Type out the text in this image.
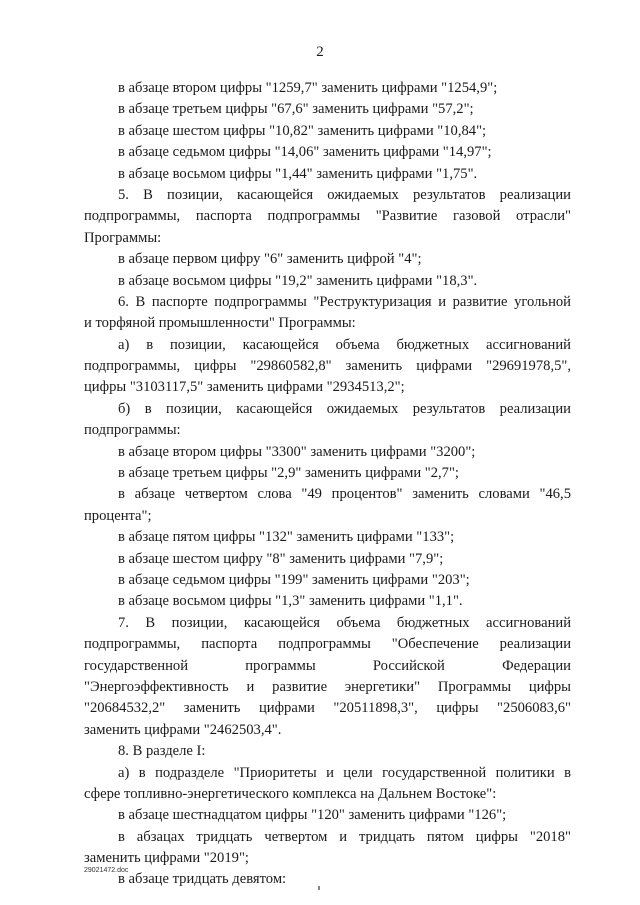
2
в абзаце втором цифры "1259,7" заменить цифрами "1254,9";
в абзаце третьем цифры "67,6" заменить цифрами "57,2";
в абзаце шестом цифры "10,82" заменить цифрами "10,84";
в абзаце седьмом цифры "14,06" заменить цифрами "14,97";
в абзаце восьмом цифры "1,44" заменить цифрами "1,75".
5. В позиции, касающейся ожидаемых результатов реализации
подпрограммы, паспорта подпрограммы "Развитие газовой отрасли"
Программы:
в абзаце первом цифру "6" заменить цифрой "4";
в абзаце восьмом цифры "19,2" заменить цифрами "18,3".
6. В паспорте подпрограммы "Реструктуризация и развитие угольной
и торфяной промышленности" Программы:
а) в позиции, касающейся объема бюджетных ассигнований
подпрограммы, цифры "29860582,8" заменить цифрами "29691978,5",
цифры "3103117,5" заменить цифрами "2934513,2";
б) в позиции, касающейся ожидаемых результатов реализации
подпрограммы:
в абзаце втором цифры "3300" заменить цифрами "3200";
в абзаце третьем цифры "2,9" заменить цифрами "2,7";
в абзаце четвертом слова "49 процентов" заменить словами "46,5
процента";
в абзаце пятом цифры "132" заменить цифрами "133";
в абзаце шестом цифру "8" заменить цифрами "7,9";
в абзаце седьмом цифры "199" заменить цифрами "203";
в абзаце восьмом цифры "1,3" заменить цифрами "1,1".
7. В позиции, касающейся объема бюджетных ассигнований
подпрограммы, паспорта подпрограммы "Обеспечение реализации
государственной программы Российской Федерации
"Энергоэффективность и развитие энергетики" Программы цифры
"20684532,2" заменить цифрами "20511898,3", цифры "2506083,6"
заменить цифрами "2462503,4".
8. В разделе I:
а) в подразделе "Приоритеты и цели государственной политики в
сфере топливно-энергетического комплекса на Дальнем Востоке":
в абзаце шестнадцатом цифры "120" заменить цифрами "126";
в абзацах тридцать четвертом и тридцать пятом цифры "2018"
заменить цифрами "2019";
в абзаце тридцать девятом:
29021472.doc
